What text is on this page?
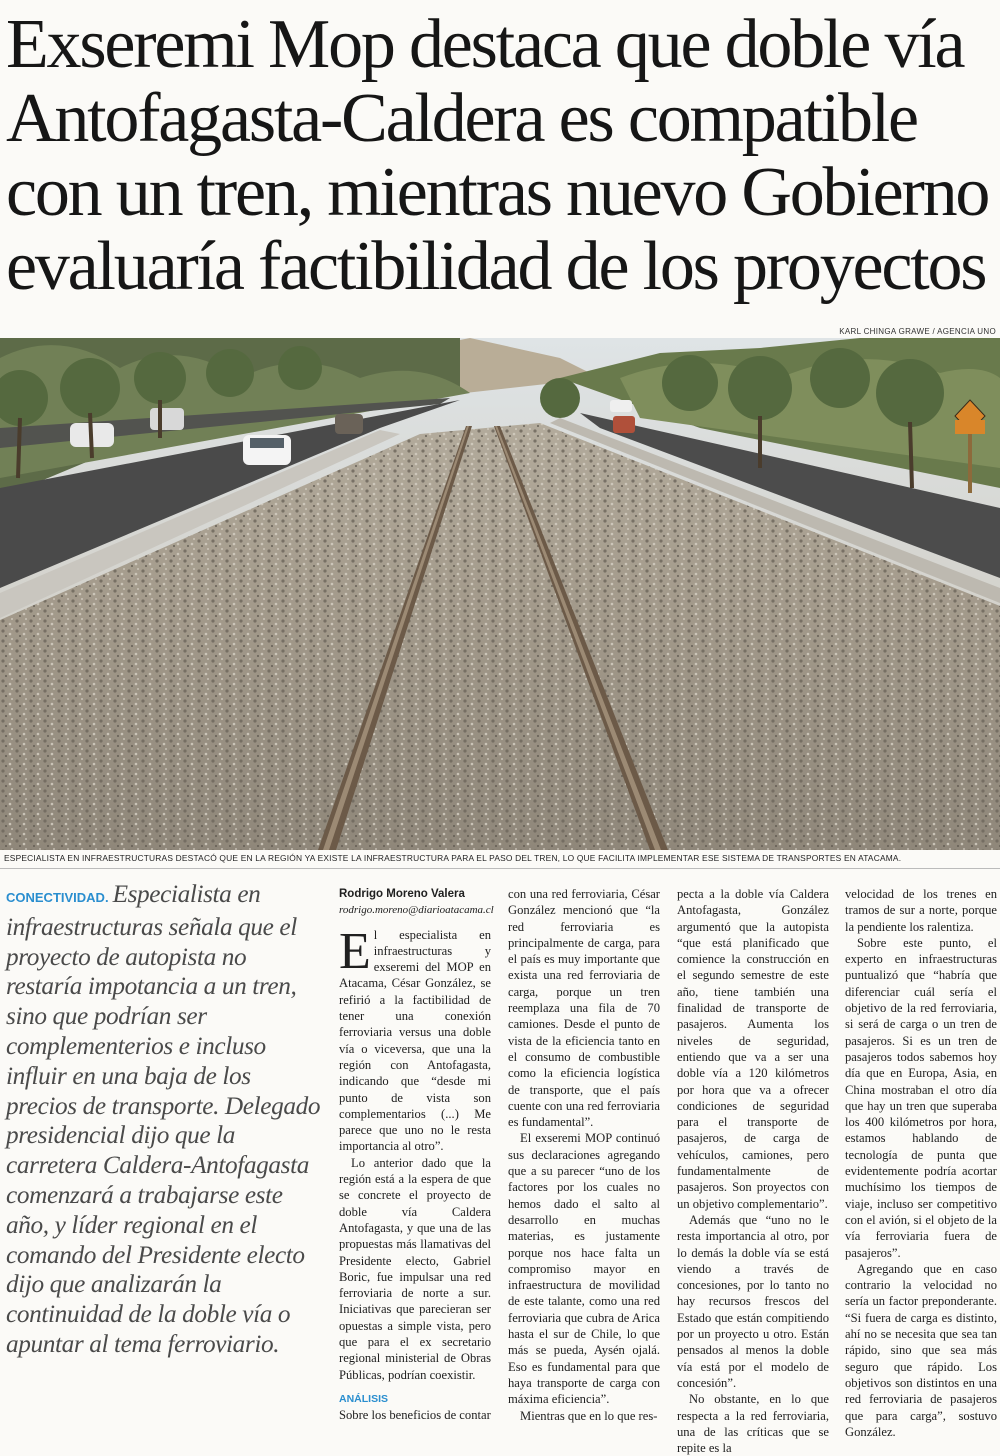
Exseremi Mop destaca que doble vía
Antofagasta-Caldera es compatible
con un tren, mientras nuevo Gobierno
evaluaría factibilidad de los proyectos
KARL CHINGA GRAWE / AGENCIA UNO
ESPECIALISTA EN INFRAESTRUCTURAS DESTACÓ QUE EN LA REGIÓN YA EXISTE LA INFRAESTRUCTURA PARA EL PASO DEL TREN, LO QUE FACILITA IMPLEMENTAR ESE SISTEMA DE TRANSPORTES EN ATACAMA.
CONECTIVIDAD. Especialista en infraestructuras señala que el proyecto de autopista no restaría impotancia a un tren, sino que podrían ser complementerios e incluso influir en una baja de los precios de transporte. Delegado presidencial dijo que la carretera Caldera-Antofagasta comenzará a trabajarse este año, y líder regional en el comando del Presidente electo dijo que analizarán la continuidad de la doble vía o apuntar al tema ferroviario.
Rodrigo Moreno Valera
rodrigo.moreno@diarioatacama.cl

El especialista en infraestructuras y exseremi del MOP en Atacama, César González, se refirió a la factibilidad de tener una conexión ferroviaria versus una doble vía o viceversa, que una la región con Antofagasta, indicando que “desde mi punto de vista son complementarios (...) Me parece que uno no le resta importancia al otro”.

Lo anterior dado que la región está a la espera de que se concrete el proyecto de doble vía Caldera Antofagasta, y que una de las propuestas más llamativas del Presidente electo, Gabriel Boric, fue impulsar una red ferroviaria de norte a sur. Iniciativas que parecieran ser opuestas a simple vista, pero que para el ex secretario regional ministerial de Obras Públicas, podrían coexistir.

ANÁLISIS

Sobre los beneficios de contar

con una red ferroviaria, César González mencionó que “la red ferroviaria es principalmente de carga, para el país es muy importante que exista una red ferroviaria de carga, porque un tren reemplaza una fila de 70 camiones. Desde el punto de vista de la eficiencia tanto en el consumo de combustible como la eficiencia logística de transporte, que el país cuente con una red ferroviaria es fundamental”.

El exseremi MOP continuó sus declaraciones agregando que a su parecer “uno de los factores por los cuales no hemos dado el salto al desarrollo en muchas materias, es justamente porque nos hace falta un compromiso mayor en infraestructura de movilidad de este talante, como una red ferroviaria que cubra de Arica hasta el sur de Chile, lo que más se pueda, Aysén ojalá. Eso es fundamental para que haya transporte de carga con máxima eficiencia”.

Mientras que en lo que res-

pecta a la doble vía Caldera Antofagasta, González argumentó que la autopista “que está planificado que comience la construcción en el segundo semestre de este año, tiene también una finalidad de transporte de pasajeros. Aumenta los niveles de seguridad, entiendo que va a ser una doble vía a 120 kilómetros por hora que va a ofrecer condiciones de seguridad para el transporte de pasajeros, de carga de vehículos, camiones, pero fundamentalmente de pasajeros. Son proyectos con un objetivo complementario”.

Además que “uno no le resta importancia al otro, por lo demás la doble vía se está viendo a través de concesiones, por lo tanto no hay recursos frescos del Estado que están compitiendo por un proyecto u otro. Están pensados al menos la doble vía está por el modelo de concesión”.

No obstante, en lo que respecta a la red ferroviaria, una de las críticas que se repite es la

velocidad de los trenes en tramos de sur a norte, porque la pendiente los ralentiza.

Sobre este punto, el experto en infraestructuras puntualizó que “habría que diferenciar cuál sería el objetivo de la red ferroviaria, si será de carga o un tren de pasajeros. Si es un tren de pasajeros todos sabemos hoy día que en Europa, Asia, en China mostraban el otro día que hay un tren que superaba los 400 kilómetros por hora, estamos hablando de tecnología de punta que evidentemente podría acortar muchísimo los tiempos de viaje, incluso ser competitivo con el avión, si el objeto de la vía ferroviaria fuera de pasajeros”.

Agregando que en caso contrario la velocidad no sería un factor preponderante. “Si fuera de carga es distinto, ahí no se necesita que sea tan rápido, sino que sea más seguro que rápido. Los objetivos son distintos en una red ferroviaria de pasajeros que para carga”, sostuvo González.
